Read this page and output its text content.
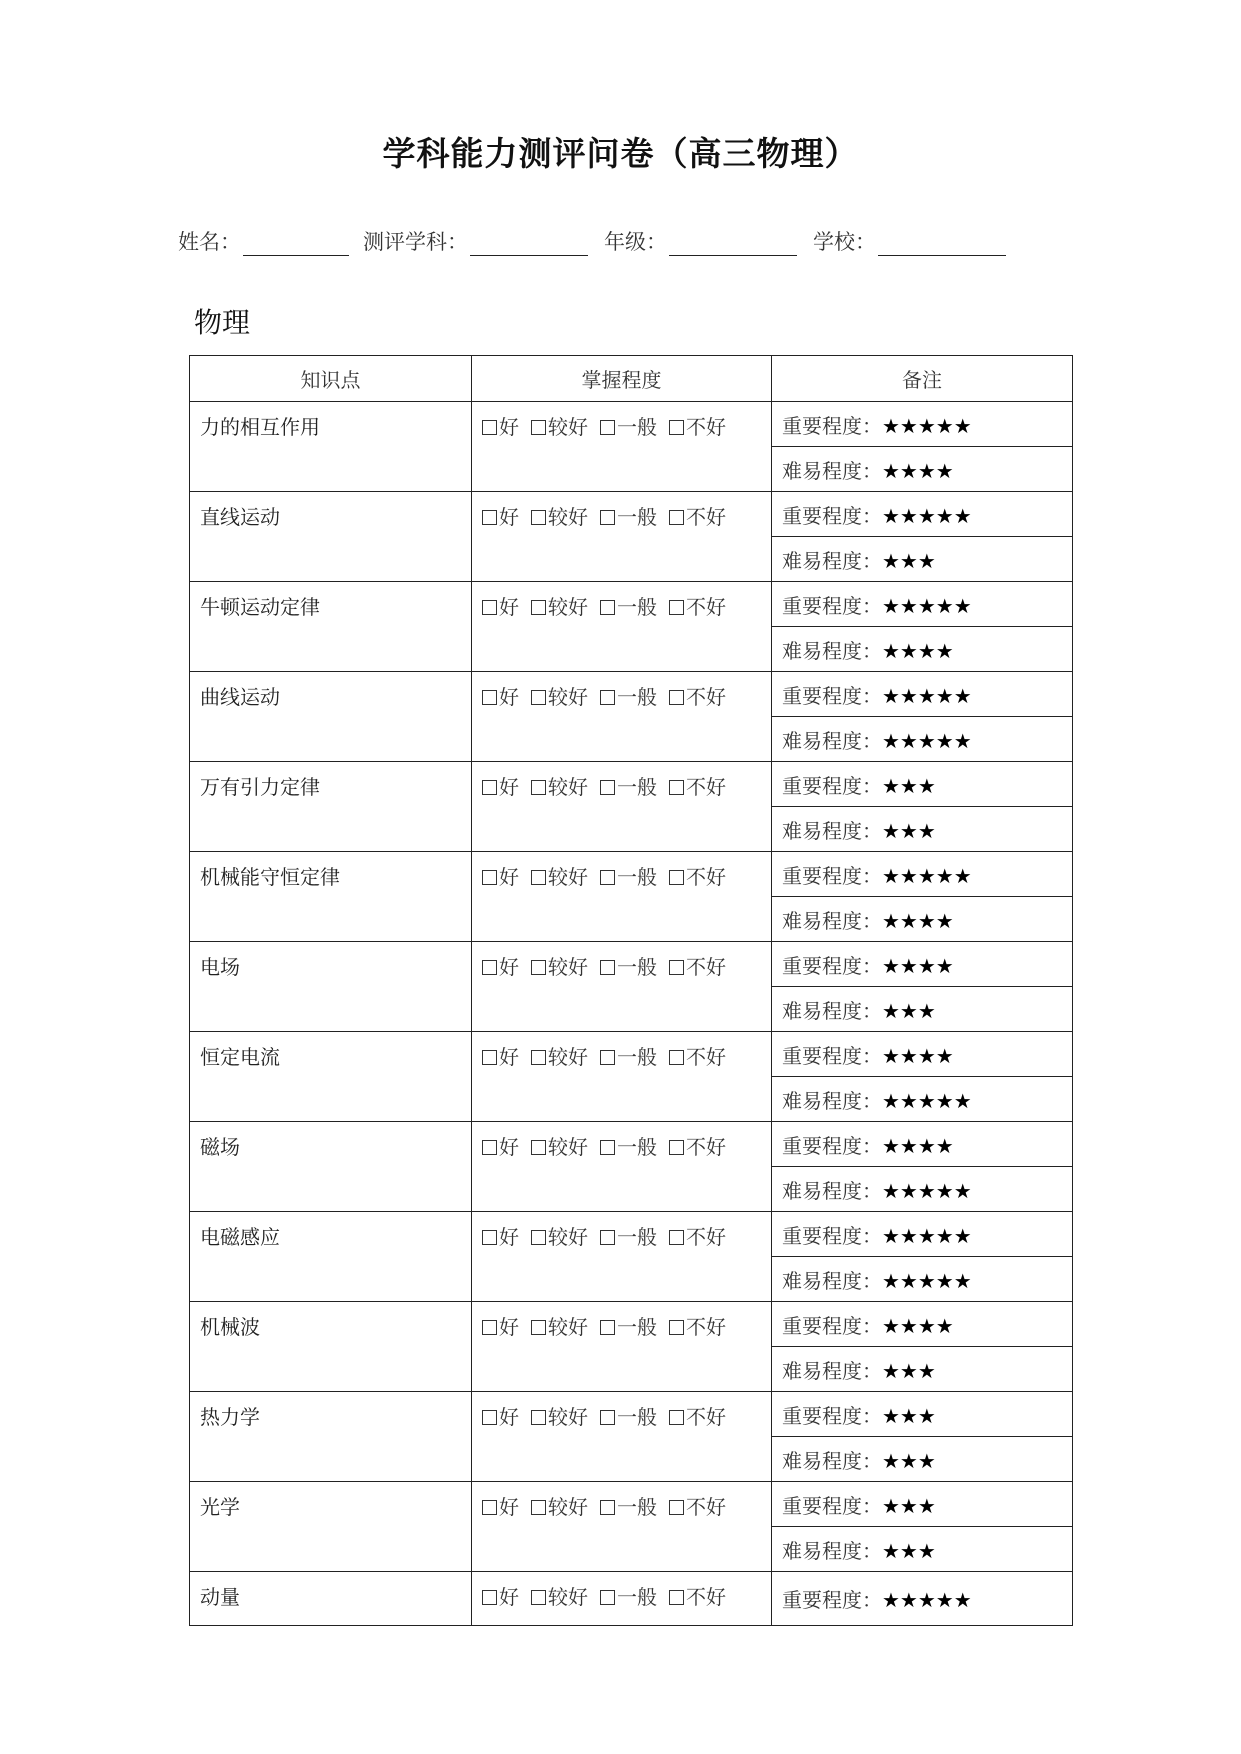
学科能力测评问卷（高三物理）
姓名：	测评学科：	年级：	学校：
物理
知识点	掌握程度	备注
力的相互作用	好 较好 一般 不好	重要程度：★★★★★
		难易程度：★★★★
直线运动	好 较好 一般 不好	重要程度：★★★★★
		难易程度：★★★
牛顿运动定律	好 较好 一般 不好	重要程度：★★★★★
		难易程度：★★★★
曲线运动	好 较好 一般 不好	重要程度：★★★★★
		难易程度：★★★★★
万有引力定律	好 较好 一般 不好	重要程度：★★★
		难易程度：★★★
机械能守恒定律	好 较好 一般 不好	重要程度：★★★★★
		难易程度：★★★★
电场	好 较好 一般 不好	重要程度：★★★★
		难易程度：★★★
恒定电流	好 较好 一般 不好	重要程度：★★★★
		难易程度：★★★★★
磁场	好 较好 一般 不好	重要程度：★★★★
		难易程度：★★★★★
电磁感应	好 较好 一般 不好	重要程度：★★★★★
		难易程度：★★★★★
机械波	好 较好 一般 不好	重要程度：★★★★
		难易程度：★★★
热力学	好 较好 一般 不好	重要程度：★★★
		难易程度：★★★
光学	好 较好 一般 不好	重要程度：★★★
		难易程度：★★★
动量	好 较好 一般 不好	重要程度：★★★★★
